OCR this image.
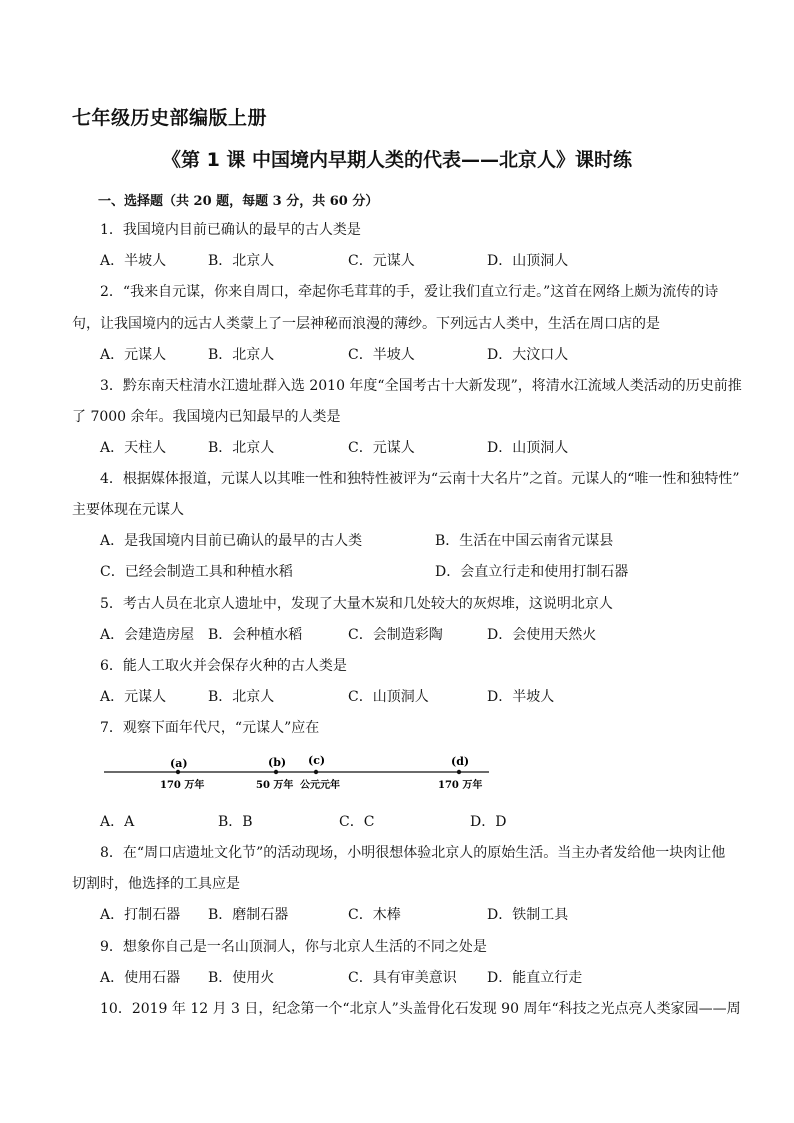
七年级历史部编版上册
《第 1 课 中国境内早期人类的代表——北京人》课时练
一、选择题（共 20 题，每题 3 分，共 60 分）
1．我国境内目前已确认的最早的古人类是
A．半坡人	B．北京人	C．元谋人	D．山顶洞人
2．“我来自元谋，你来自周口，牵起你毛茸茸的手，爱让我们直立行走。”这首在网络上颇为流传的诗
句，让我国境内的远古人类蒙上了一层神秘而浪漫的薄纱。下列远古人类中，生活在周口店的是
A．元谋人	B．北京人	C．半坡人	D．大汶口人
3．黔东南天柱清水江遗址群入选 2010 年度“全国考古十大新发现”，将清水江流域人类活动的历史前推
了 7000 余年。我国境内已知最早的人类是
A．天柱人	B．北京人	C．元谋人	D．山顶洞人
4．根据媒体报道，元谋人以其唯一性和独特性被评为“云南十大名片”之首。元谋人的“唯一性和独特性”
主要体现在元谋人
A．是我国境内目前已确认的最早的古人类	B．生活在中国云南省元谋县
C．已经会制造工具和种植水稻	D．会直立行走和使用打制石器
5．考古人员在北京人遗址中，发现了大量木炭和几处较大的灰烬堆，这说明北京人
A．会建造房屋 B．会种植水稻	C．会制造彩陶	D．会使用天然火
6．能人工取火并会保存火种的古人类是
A．元谋人	B．北京人	C．山顶洞人	D．半坡人
7．观察下面年代尺，“元谋人”应在
(a)	(b) (c)	(d)
170 万年	50 万年 公元元年	170 万年
A．A	B．B	C．C	D．D
8．在“周口店遗址文化节”的活动现场，小明很想体验北京人的原始生活。当主办者发给他一块肉让他
切割时，他选择的工具应是
A．打制石器 B．磨制石器	C．木棒	D．铁制工具
9．想象你自己是一名山顶洞人，你与北京人生活的不同之处是
A．使用石器 B．使用火	C．具有审美意识 D．能直立行走
10．2019 年 12 月 3 日，纪念第一个“北京人”头盖骨化石发现 90 周年“科技之光点亮人类家园——周
